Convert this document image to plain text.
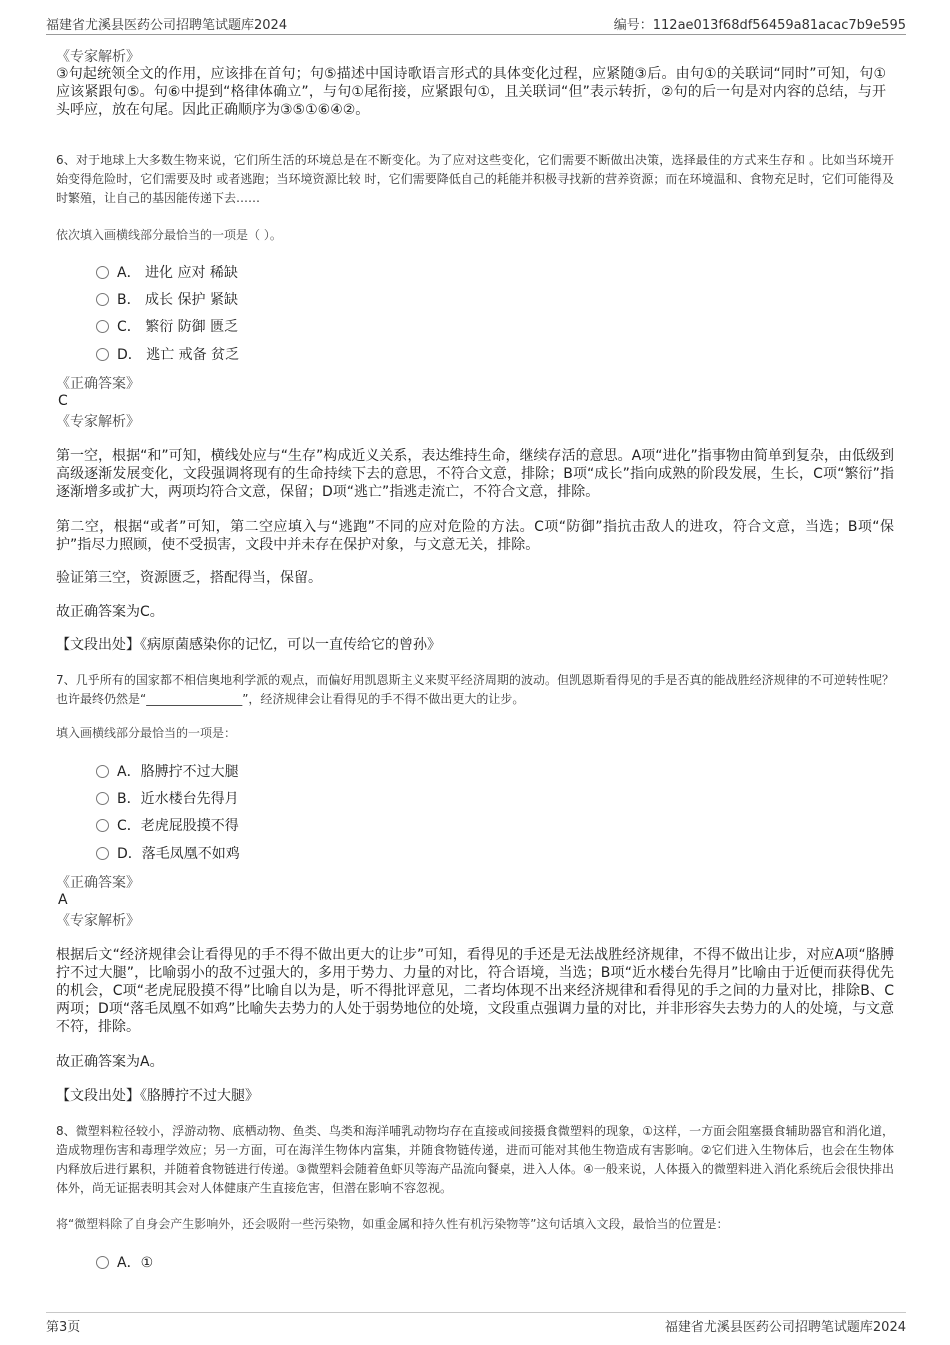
福建省尤溪县医药公司招聘笔试题库2024	编号：112ae013f68df56459a81acac7b9e595
《专家解析》
③句起统领全文的作用，应该排在首句；句⑤描述中国诗歌语言形式的具体变化过程，应紧随③后。由句①的关联词“同时”可知，句①应该紧跟句⑤。句⑥中提到“格律体确立”，与句①尾衔接，应紧跟句①，且关联词“但”表示转折，②句的后一句是对内容的总结，与开头呼应，放在句尾。因此正确顺序为③⑤①⑥④②。
6、对于地球上大多数生物来说，它们所生活的环境总是在不断变化。为了应对这些变化，它们需要不断做出决策，选择最佳的方式来生存和 。比如当环境开始变得危险时，它们需要及时 或者逃跑；当环境资源比较 时，它们需要降低自己的耗能并积极寻找新的营养资源；而在环境温和、食物充足时，它们可能得及时繁殖，让自己的基因能传递下去……
依次填入画横线部分最恰当的一项是（ ）。
A． 进化 应对 稀缺
B． 成长 保护 紧缺
C． 繁衍 防御 匮乏
D． 逃亡 戒备 贫乏
《正确答案》
C
《专家解析》
第一空，根据“和”可知，横线处应与“生存”构成近义关系，表达维持生命，继续存活的意思。A项“进化”指事物由简单到复杂，由低级到高级逐渐发展变化，文段强调将现有的生命持续下去的意思，不符合文意，排除；B项“成长”指向成熟的阶段发展，生长，C项“繁衍”指逐渐增多或扩大，两项均符合文意，保留；D项“逃亡”指逃走流亡，不符合文意，排除。
第二空，根据“或者”可知，第二空应填入与“逃跑”不同的应对危险的方法。C项“防御”指抗击敌人的进攻，符合文意，当选；B项“保护”指尽力照顾，使不受损害，文段中并未存在保护对象，与文意无关，排除。
验证第三空，资源匮乏，搭配得当，保留。
故正确答案为C。
【文段出处】《病原菌感染你的记忆，可以一直传给它的曾孙》
7、几乎所有的国家都不相信奥地利学派的观点，而偏好用凯恩斯主义来熨平经济周期的波动。但凯恩斯看得见的手是否真的能战胜经济规律的不可逆转性呢？也许最终仍然是“________________”，经济规律会让看得见的手不得不做出更大的让步。
填入画横线部分最恰当的一项是：
A．胳膊拧不过大腿
B．近水楼台先得月
C．老虎屁股摸不得
D．落毛凤凰不如鸡
《正确答案》
A
《专家解析》
根据后文“经济规律会让看得见的手不得不做出更大的让步”可知，看得见的手还是无法战胜经济规律，不得不做出让步，对应A项“胳膊拧不过大腿”，比喻弱小的敌不过强大的，多用于势力、力量的对比，符合语境，当选；B项“近水楼台先得月”比喻由于近便而获得优先的机会，C项“老虎屁股摸不得”比喻自以为是，听不得批评意见，二者均体现不出来经济规律和看得见的手之间的力量对比，排除B、C两项；D项“落毛凤凰不如鸡”比喻失去势力的人处于弱势地位的处境，文段重点强调力量的对比，并非形容失去势力的人的处境，与文意不符，排除。
故正确答案为A。
【文段出处】《胳膊拧不过大腿》
8、微塑料粒径较小，浮游动物、底栖动物、鱼类、鸟类和海洋哺乳动物均存在直接或间接摄食微塑料的现象，①这样，一方面会阻塞摄食辅助器官和消化道，造成物理伤害和毒理学效应；另一方面，可在海洋生物体内富集，并随食物链传递，进而可能对其他生物造成有害影响。②它们进入生物体后，也会在生物体内释放后进行累积，并随着食物链进行传递。③微塑料会随着鱼虾贝等海产品流向餐桌，进入人体。④一般来说，人体摄入的微塑料进入消化系统后会很快排出体外，尚无证据表明其会对人体健康产生直接危害，但潜在影响不容忽视。
将“微塑料除了自身会产生影响外，还会吸附一些污染物，如重金属和持久性有机污染物等”这句话填入文段，最恰当的位置是：
A．①
第3页	福建省尤溪县医药公司招聘笔试题库2024
